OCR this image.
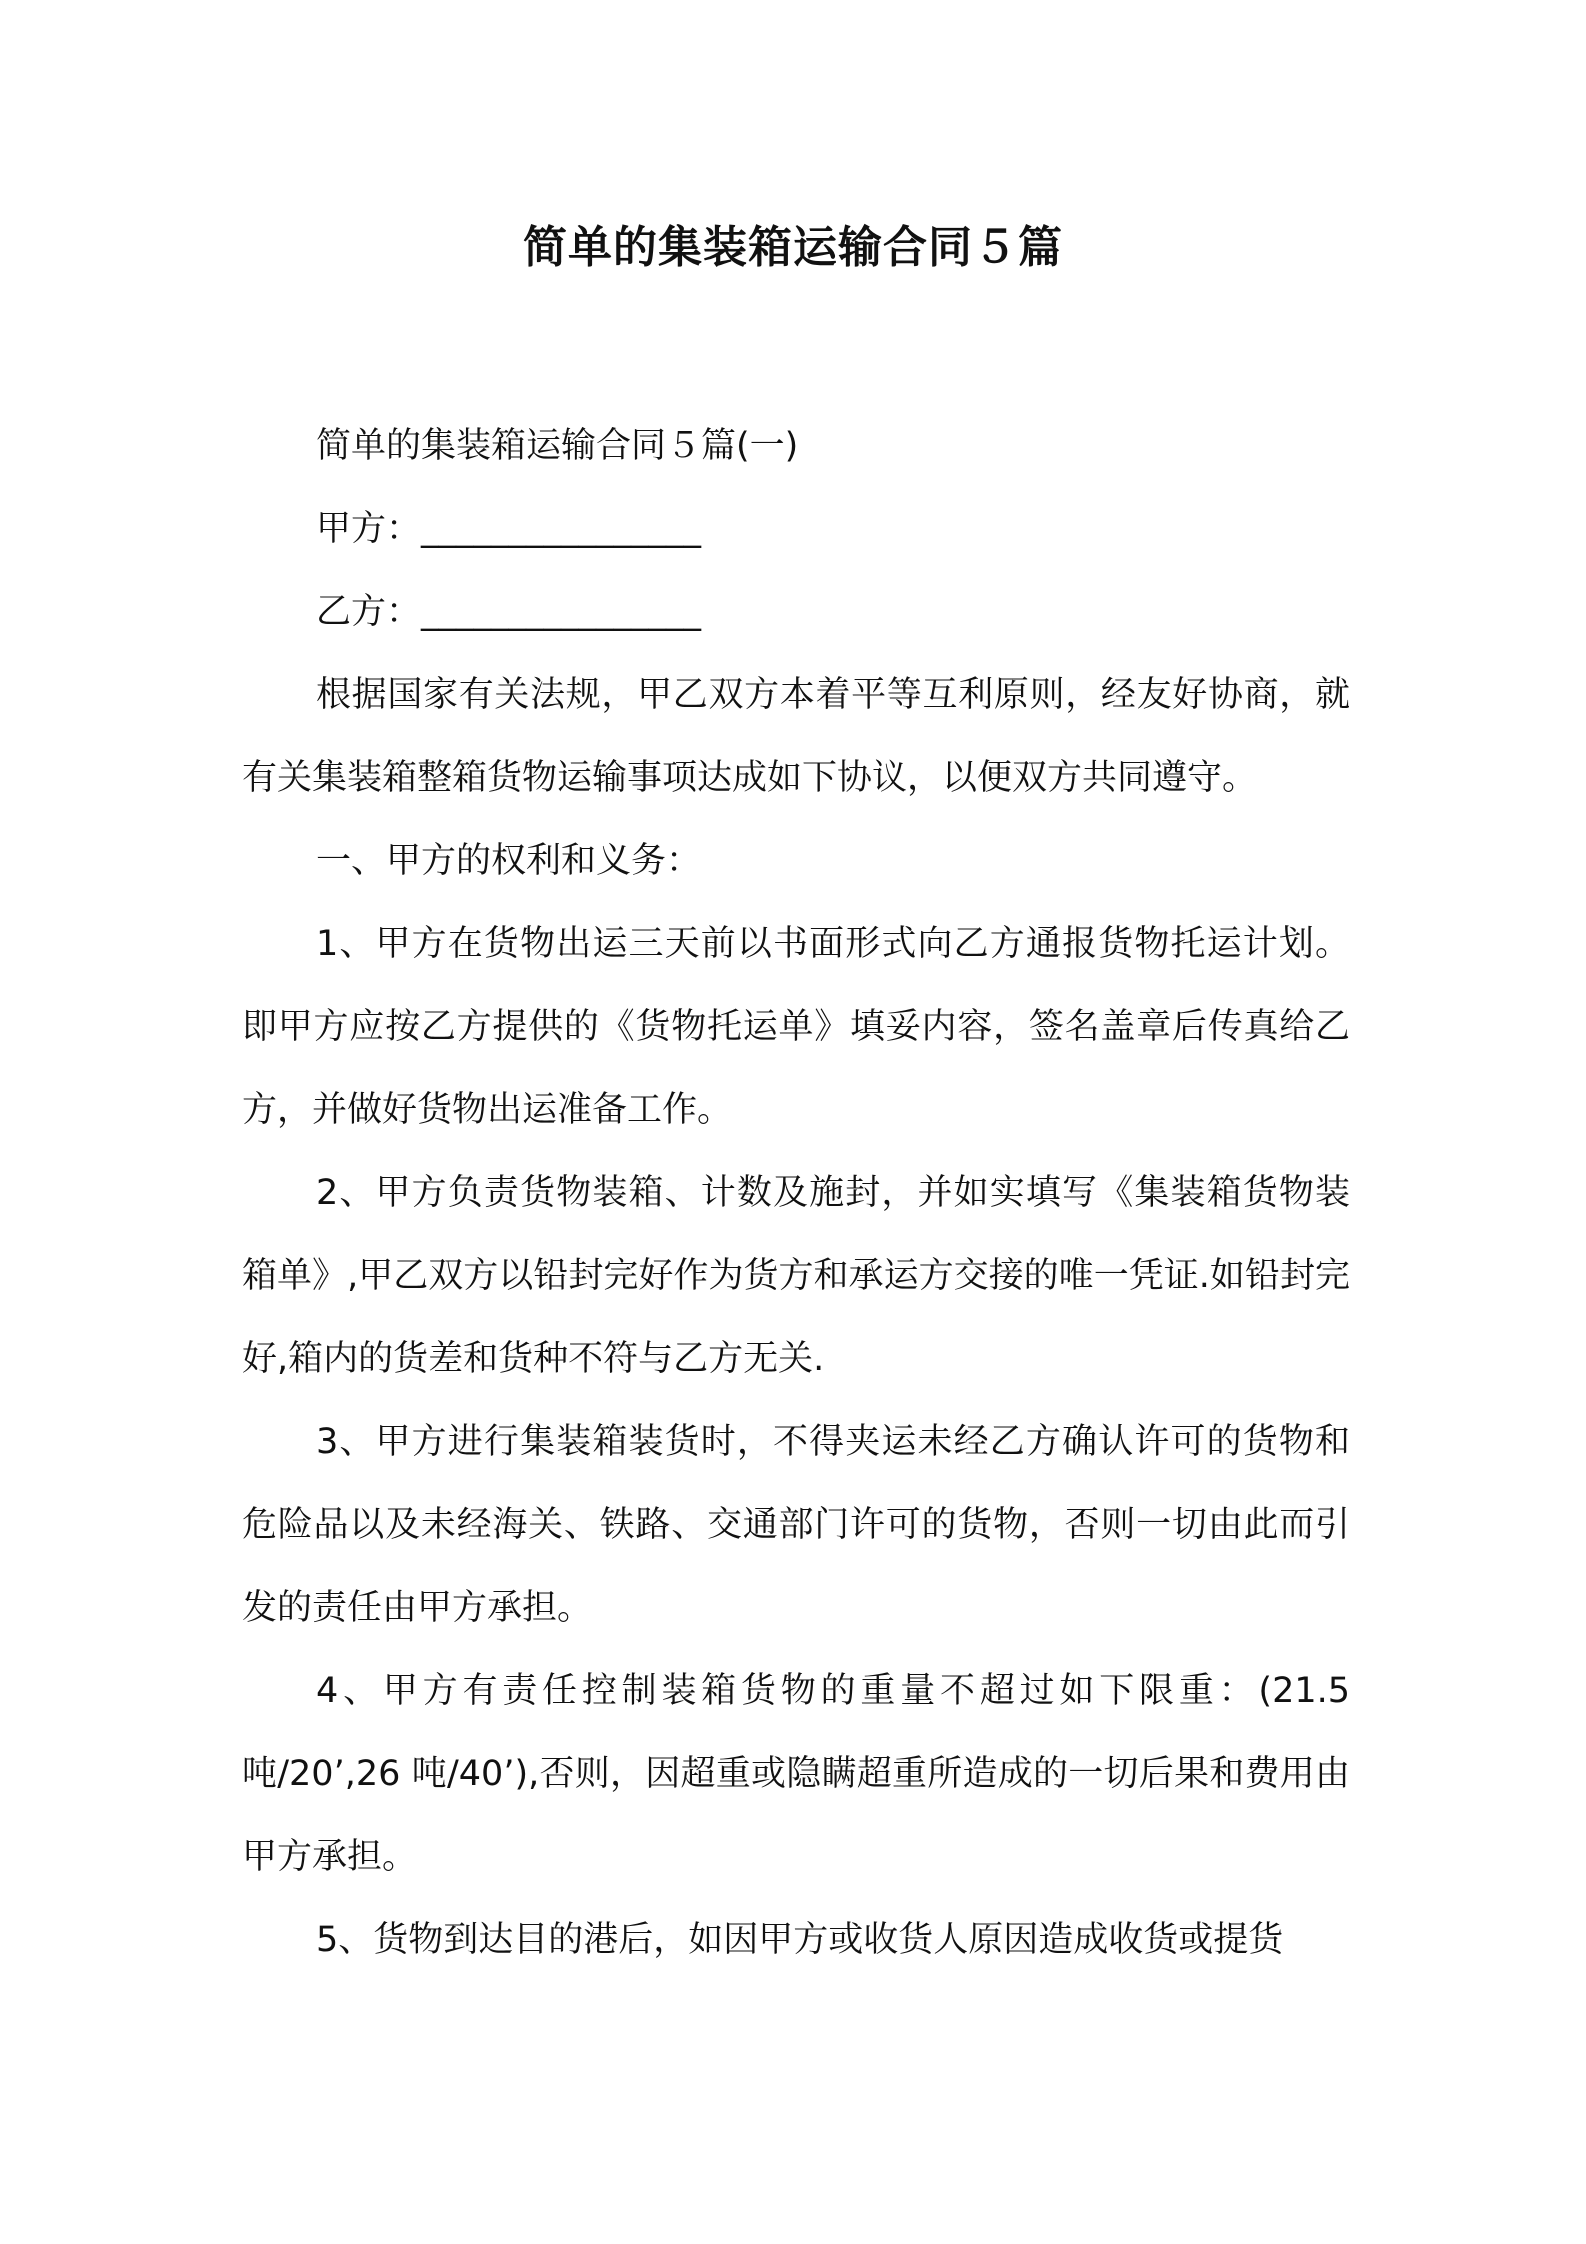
简单的集装箱运输合同５篇

简单的集装箱运输合同５篇(一)

甲方：________________

乙方：________________

根据国家有关法规，甲乙双方本着平等互利原则，经友好协商，就有关集装箱整箱货物运输事项达成如下协议，以便双方共同遵守。

一、甲方的权利和义务：

1、甲方在货物出运三天前以书面形式向乙方通报货物托运计划。即甲方应按乙方提供的《货物托运单》填妥内容，签名盖章后传真给乙方，并做好货物出运准备工作。

2、甲方负责货物装箱、计数及施封，并如实填写《集装箱货物装箱单》,甲乙双方以铅封完好作为货方和承运方交接的唯一凭证.如铅封完好,箱内的货差和货种不符与乙方无关.

3、甲方进行集装箱装货时，不得夹运未经乙方确认许可的货物和危险品以及未经海关、铁路、交通部门许可的货物，否则一切由此而引发的责任由甲方承担。

4、甲方有责任控制装箱货物的重量不超过如下限重：(21.5 吨/20’,26 吨/40’),否则，因超重或隐瞒超重所造成的一切后果和费用由甲方承担。

5、货物到达目的港后，如因甲方或收货人原因造成收货或提货
